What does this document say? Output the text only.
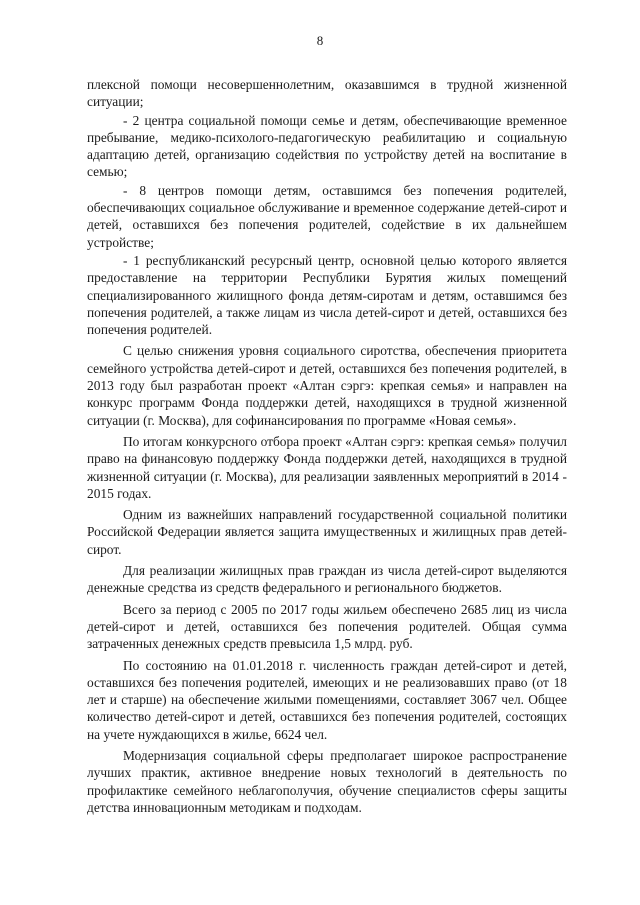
8

плексной помощи несовершеннолетним, оказавшимся в трудной жизненной ситуации;

- 2 центра социальной помощи семье и детям, обеспечивающие временное пребывание, медико-психолого-педагогическую реабилитацию и социальную адаптацию детей, организацию содействия по устройству детей на воспитание в семью;

- 8 центров помощи детям, оставшимся без попечения родителей, обеспечивающих социальное обслуживание и временное содержание детей-сирот и детей, оставшихся без попечения родителей, содействие в их дальнейшем устройстве;

- 1 республиканский ресурсный центр, основной целью которого является предоставление на территории Республики Бурятия жилых помещений специализированного жилищного фонда детям-сиротам и детям, оставшимся без попечения родителей, а также лицам из числа детей-сирот и детей, оставшихся без попечения родителей.

С целью снижения уровня социального сиротства, обеспечения приоритета семейного устройства детей-сирот и детей, оставшихся без попечения родителей, в 2013 году был разработан проект «Алтан сэргэ: крепкая семья» и направлен на конкурс программ Фонда поддержки детей, находящихся в трудной жизненной ситуации (г. Москва), для софинансирования по программе «Новая семья».

По итогам конкурсного отбора проект «Алтан сэргэ: крепкая семья» получил право на финансовую поддержку Фонда поддержки детей, находящихся в трудной жизненной ситуации (г. Москва), для реализации заявленных мероприятий в 2014 - 2015 годах.

Одним из важнейших направлений государственной социальной политики Российской Федерации является защита имущественных и жилищных прав детей-сирот.

Для реализации жилищных прав граждан из числа детей-сирот выделяются денежные средства из средств федерального и регионального бюджетов.

Всего за период с 2005 по 2017 годы жильем обеспечено 2685 лиц из числа детей-сирот и детей, оставшихся без попечения родителей. Общая сумма затраченных денежных средств превысила 1,5 млрд. руб.

По состоянию на 01.01.2018 г. численность граждан детей-сирот и детей, оставшихся без попечения родителей, имеющих и не реализовавших право (от 18 лет и старше) на обеспечение жилыми помещениями, составляет 3067 чел. Общее количество детей-сирот и детей, оставшихся без попечения родителей, состоящих на учете нуждающихся в жилье, 6624 чел.

Модернизация социальной сферы предполагает широкое распространение лучших практик, активное внедрение новых технологий в деятельность по профилактике семейного неблагополучия, обучение специалистов сферы защиты детства инновационным методикам и подходам.
